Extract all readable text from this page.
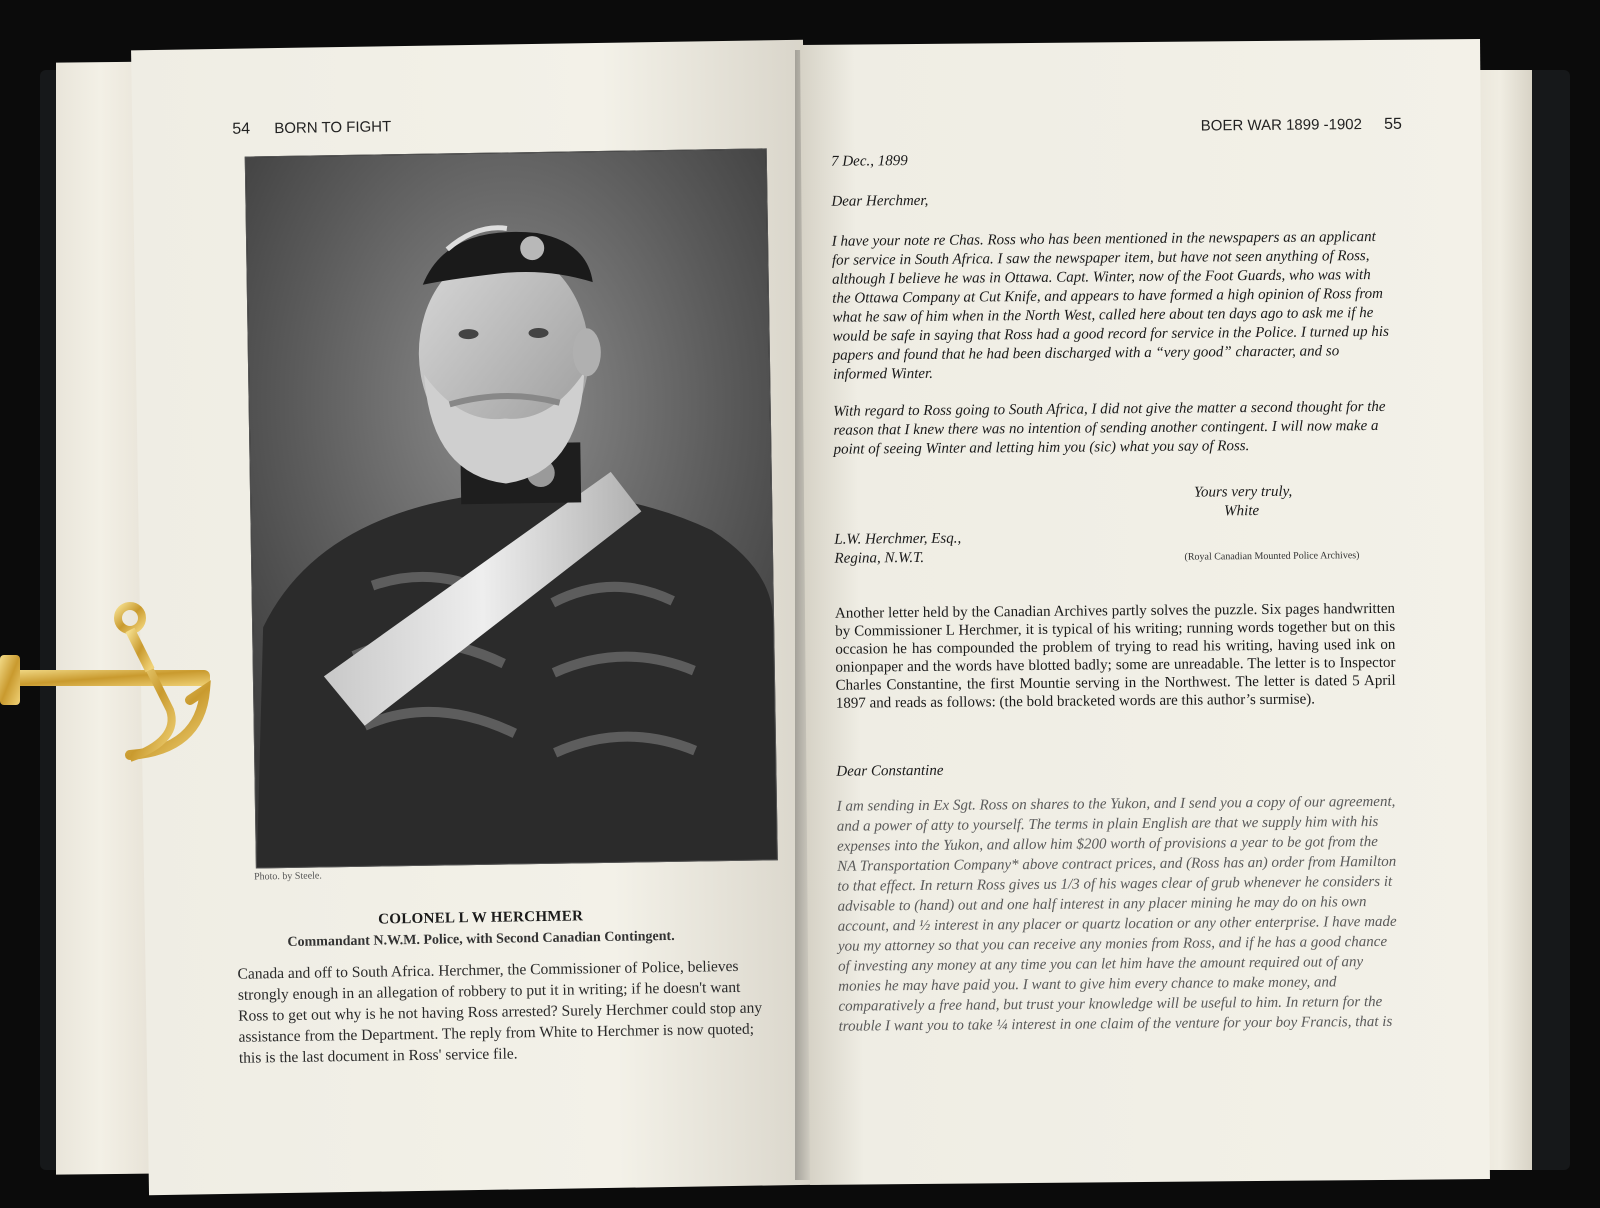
54 BORN TO FIGHT
Photo. by Steele.
COLONEL L W HERCHMER
Commandant N.W.M. Police, with Second Canadian Contingent.
Canada and off to South Africa. Herchmer, the Commissioner of Police, believes
strongly enough in an allegation of robbery to put it in writing; if he doesn't want
Ross to get out why is he not having Ross arrested? Surely Herchmer could stop any
assistance from the Department. The reply from White to Herchmer is now quoted;
this is the last document in Ross' service file.
BOER WAR 1899 -1902 55
7 Dec., 1899
Dear Herchmer,
I have your note re Chas. Ross who has been mentioned in the newspapers as an applicant for service in South Africa. I saw the newspaper item, but have not seen anything of Ross, although I believe he was in Ottawa. Capt. Winter, now of the Foot Guards, who was with the Ottawa Company at Cut Knife, and appears to have formed a high opinion of Ross from what he saw of him when in the North West, called here about ten days ago to ask me if he would be safe in saying that Ross had a good record for service in the Police. I turned up his papers and found that he had been discharged with a “very good” character, and so informed Winter.
With regard to Ross going to South Africa, I did not give the matter a second thought for the reason that I knew there was no intention of sending another contingent. I will now make a point of seeing Winter and letting him you (sic) what you say of Ross.
Yours very truly,
White
L.W. Herchmer, Esq.,
Regina, N.W.T.	(Royal Canadian Mounted Police Archives)
Another letter held by the Canadian Archives partly solves the puzzle. Six pages handwritten by Commissioner L Herchmer, it is typical of his writing; running words together but on this occasion he has compounded the problem of trying to read his writing, having used ink on onionpaper and the words have blotted badly; some are unreadable. The letter is to Inspector Charles Constantine, the first Mountie serving in the Northwest. The letter is dated 5 April 1897 and reads as follows: (the bold bracketed words are this author’s surmise).
Dear Constantine
I am sending in Ex Sgt. Ross on shares to the Yukon, and I send you a copy of our agreement, and a power of atty to yourself. The terms in plain English are that we supply him with his expenses into the Yukon, and allow him $200 worth of provisions a year to be got from the NA Transportation Company* above contract prices, and (Ross has an) order from Hamilton to that effect. In return Ross gives us 1/3 of his wages clear of grub whenever he considers it advisable to (hand) out and one half interest in any placer mining he may do on his own account, and ½ interest in any placer or quartz location or any other enterprise. I have made you my attorney so that you can receive any monies from Ross, and if he has a good chance of investing any money at any time you can let him have the amount required out of any monies he may have paid you. I want to give him every chance to make money, and comparatively a free hand, but trust your knowledge will be useful to him. In return for the trouble I want you to take ¼ interest in one claim of the venture for your boy Francis, that is
